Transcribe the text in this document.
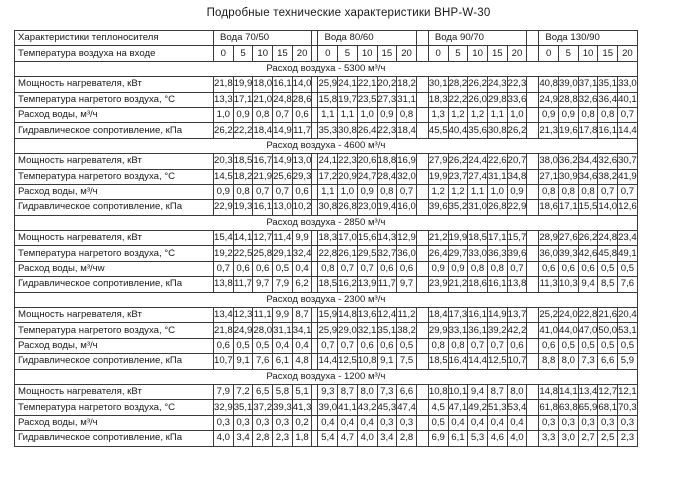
Подробные технические характеристики ВНР-W-30
Характеристики теплоносителя	Вода 70/50						Вода 80/60						Вода 90/70						Вода 130/90				
Температура воздуха на входе	0	5	10	15	20		0	5	10	15	20		0	5	10	15	20		0	5	10	15	20
Расход воздуха - 5300 м³/ч																							
Мощность нагревателя, кВт	21,8	19,9	18,0	16,1	14,0		25,9	24,1	22,1	20,2	18,2		30,1	28,2	26,2	24,3	22,3		40,8	39,0	37,1	35,1	33,0
Температура нагретого воздуха, °С	13,3	17,1	21,0	24,8	28,6		15,8	19,7	23,5	27,3	31,1		18,3	22,2	26,0	29,8	33,6		24,9	28,8	32,6	36,4	40,1
Расход воды, м³/ч	1,0	0,9	0,8	0,7	0,6		1,1	1,1	1,0	0,9	0,8		1,3	1,2	1,2	1,1	1,0		0,9	0,9	0,8	0,8	0,7
Гидравлическое сопротивление, кПа	26,2	22,2	18,4	14,9	11,7		35,3	30,8	26,4	22,3	18,4		45,5	40,4	35,6	30,8	26,2		21,3	19,6	17,8	16,1	14,4
Расход воздуха - 4600 м³/ч																							
Мощность нагревателя, кВт	20,3	18,5	16,7	14,9	13,0		24,1	22,3	20,6	18,8	16,9		27,9	26,2	24,4	22,6	20,7		38,0	36,2	34,4	32,6	30,7
Температура нагретого воздуха, °С	14,5	18,2	21,9	25,6	29,3		17,2	20,9	24,7	28,4	32,0		19,9	23,7	27,4	31,1	34,8		27,1	30,9	34,6	38,2	41,9
Расход воды, м³/ч	0,9	0,8	0,7	0,7	0,6		1,1	1,0	0,9	0,8	0,7		1,2	1,2	1,1	1,0	0,9		0,8	0,8	0,8	0,7	0,7
Гидравлическое сопротивление, кПа	22,9	19,3	16,1	13,0	10,2		30,8	26,8	23,0	19,4	16,0		39,6	35,2	31,0	26,8	22,9		18,6	17,1	15,5	14,0	12,6
Расход воздуха - 2850 м³/ч																							
Мощность нагревателя, кВт	15,4	14,1	12,7	11,4	9,9		18,3	17,0	15,6	14,3	12,9		21,2	19,9	18,5	17,1	15,7		28,9	27,6	26,2	24,8	23,4
Температура нагретого воздуха, °С	19,2	22,5	25,8	29,1	32,4		22,8	26,1	29,5	32,7	36,0		26,4	29,7	33,0	36,3	39,6		36,0	39,3	42,6	45,8	49,1
Расход воды, м³/чw	0,7	0,6	0,6	0,5	0,4		0,8	0,7	0,7	0,6	0,6		0,9	0,9	0,8	0,8	0,7		0,6	0,6	0,6	0,5	0,5
Гидравлическое сопротивление, кПа	13,8	11,7	9,7	7,9	6,2		18,5	16,2	13,9	11,7	9,7		23,9	21,2	18,6	16,1	13,8		11,3	10,3	9,4	8,5	7,6
Расход воздуха - 2300 м³/ч																							
Мощность нагревателя, кВт	13,4	12,3	11,1	9,9	8,7		15,9	14,8	13,6	12,4	11,2		18,4	17,3	16,1	14,9	13,7		25,2	24,0	22,8	21,6	20,4
Температура нагретого воздуха, °С	21,8	24,9	28,0	31,1	34,1		25,9	29,0	32,1	35,1	38,2		29,9	33,1	36,1	39,2	42,2		41,0	44,0	47,0	50,0	53,1
Расход воды, м³/ч	0,6	0,5	0,5	0,4	0,4		0,7	0,7	0,6	0,6	0,5		0,8	0,8	0,7	0,7	0,6		0,6	0,5	0,5	0,5	0,5
Гидравлическое сопротивление, кПа	10,7	9,1	7,6	6,1	4,8		14,4	12,5	10,8	9,1	7,5		18,5	16,4	14,4	12,5	10,7		8,8	8,0	7,3	6,6	5,9
Расход воздуха - 1200 м³/ч																							
Мощность нагревателя, кВт	7,9	7,2	6,5	5,8	5,1		9,3	8,7	8,0	7,3	6,6		10,8	10,1	9,4	8,7	8,0		14,8	14,1	13,4	12,7	12,1
Температура нагретого воздуха, °С	32,9	35,1	37,2	39,3	41,3		39,0	41,1	43,2	45,3	47,4		4,5	47,1	49,2	51,3	53,4		61,8	63,8	65,9	68,1	70,3
Расход воды, м³/ч	0,3	0,3	0,3	0,3	0,2		0,4	0,4	0,4	0,3	0,3		0,5	0,4	0,4	0,4	0,4		0,3	0,3	0,3	0,3	0,3
Гидравлическое сопротивление, кПа	4,0	3,4	2,8	2,3	1,8		5,4	4,7	4,0	3,4	2,8		6,9	6,1	5,3	4,6	4,0		3,3	3,0	2,7	2,5	2,3
